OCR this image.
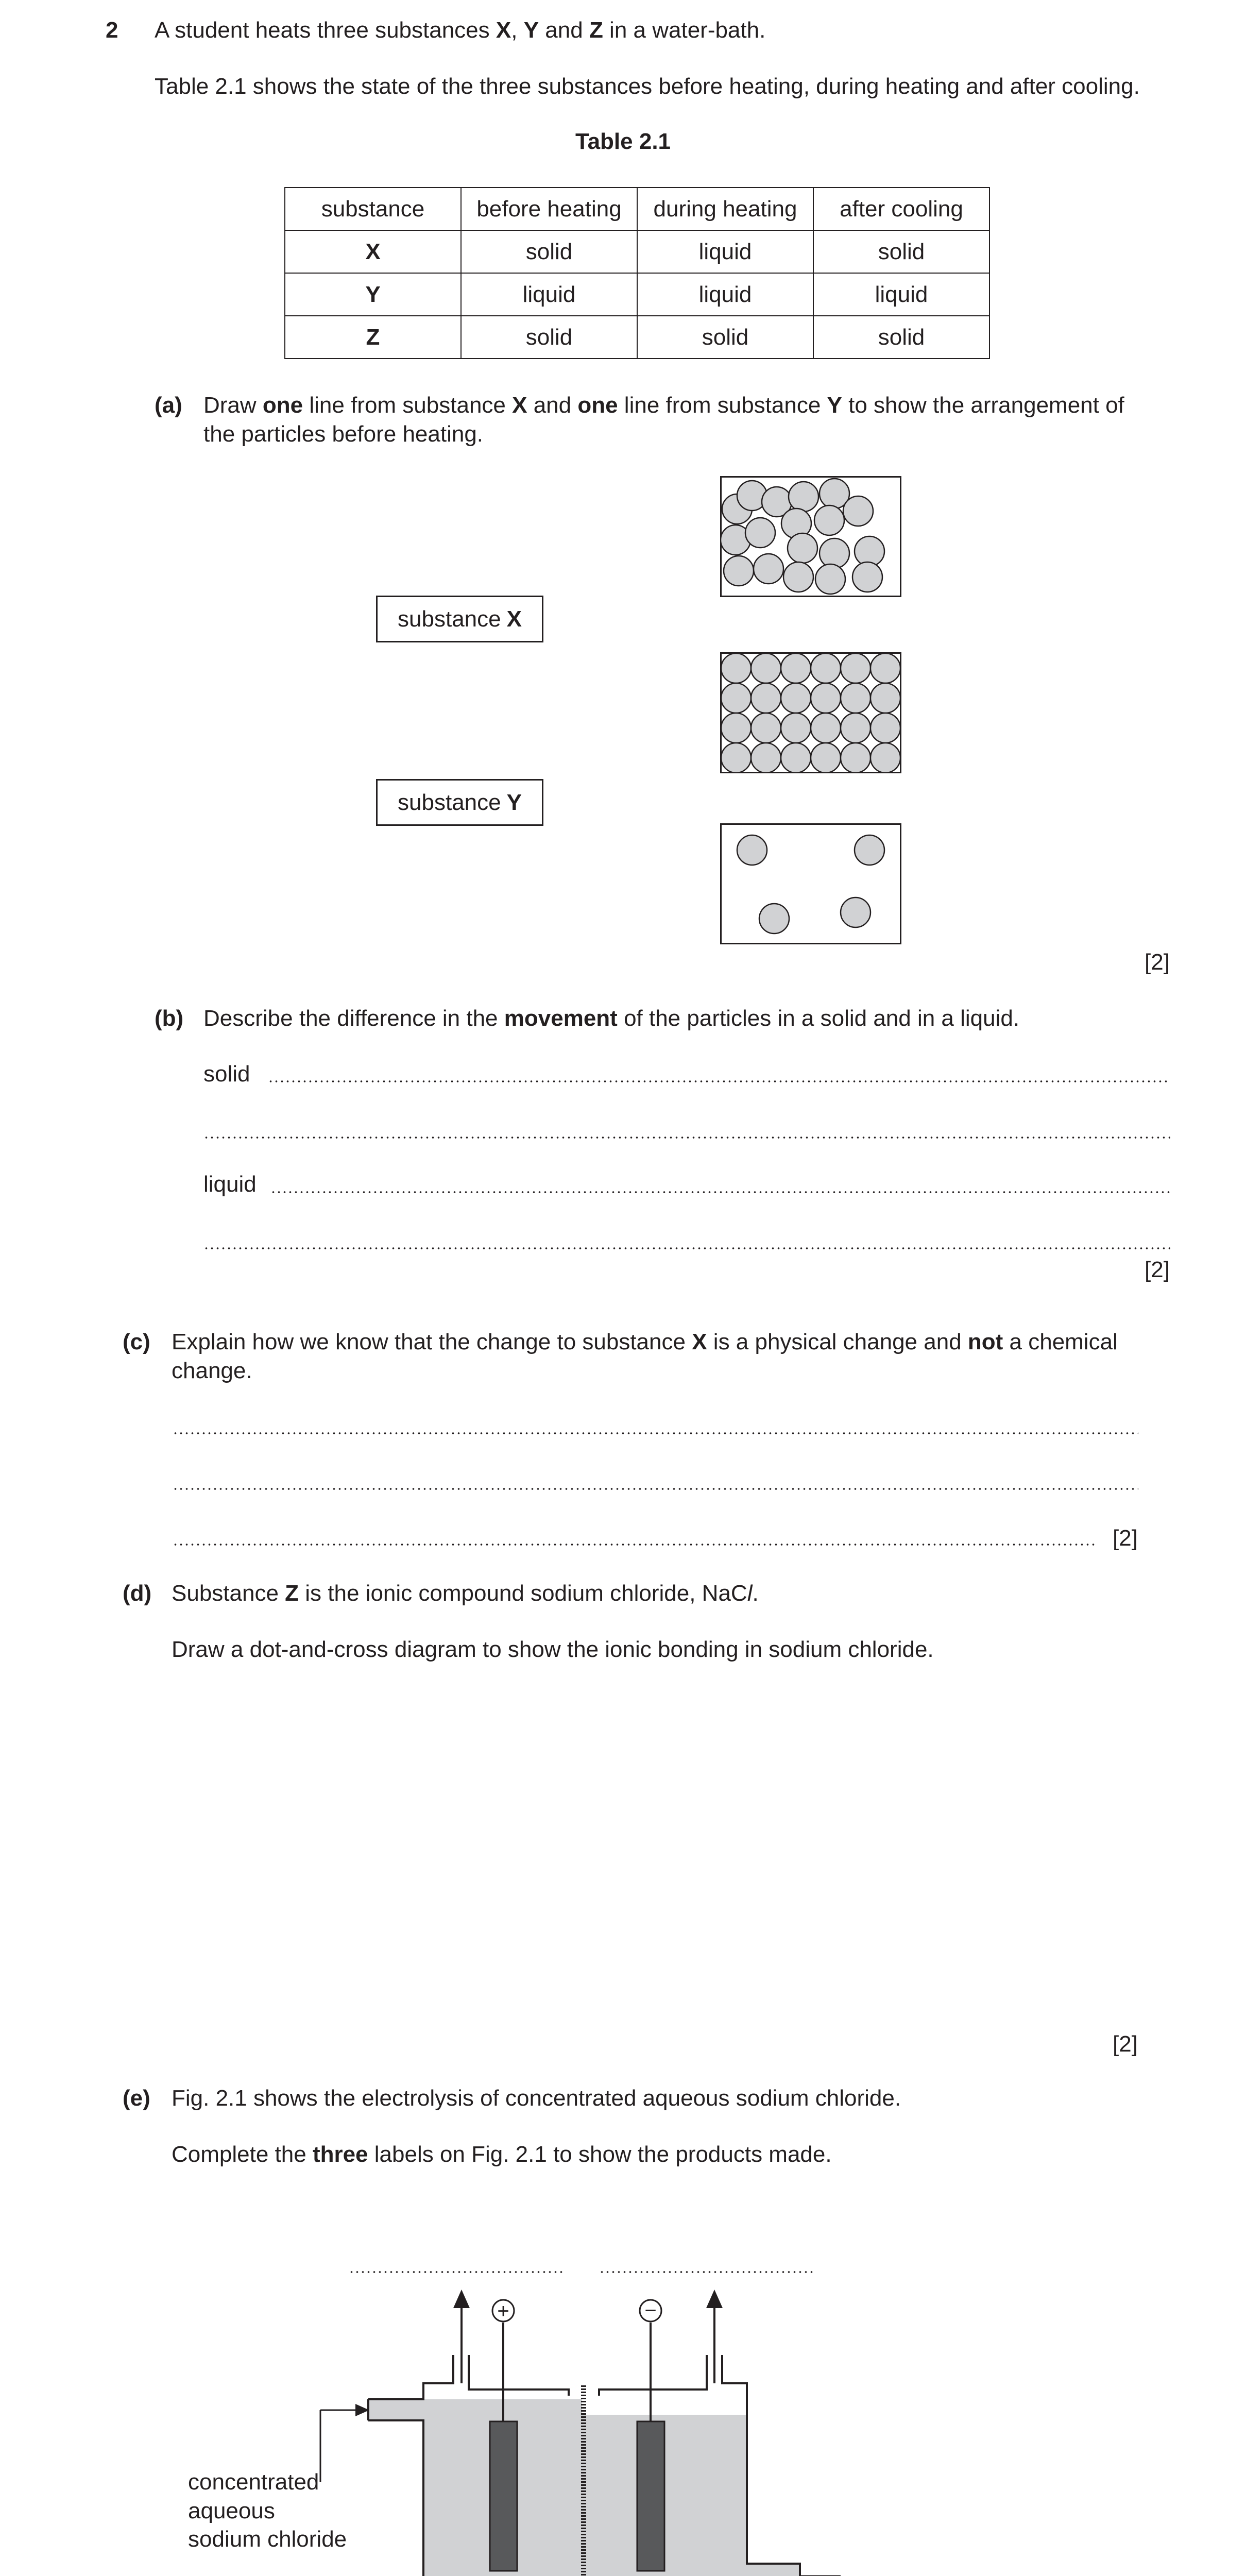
2 A student heats three substances X, Y and Z in a water-bath.
Table 2.1 shows the state of the three substances before heating, during heating and after cooling.
Table 2.1
substance	before heating	during heating	after cooling
X	solid	liquid	solid
Y	liquid	liquid	liquid
Z	solid	solid	solid
(a) Draw one line from substance X and one line from substance Y to show the arrangement of
the particles before heating.
substance X
substance Y
[2]
(b) Describe the difference in the movement of the particles in a solid and in a liquid.
solid
liquid
[2]
(c) Explain how we know that the change to substance X is a physical change and not a chemical
change.
[2]
(d) Substance Z is the ionic compound sodium chloride, NaCl.
Draw a dot-and-cross diagram to show the ionic bonding in sodium chloride.
[2]
(e) Fig. 2.1 shows the electrolysis of concentrated aqueous sodium chloride.
Complete the three labels on Fig. 2.1 to show the products made.
+	−
concentrated
aqueous
sodium chloride
